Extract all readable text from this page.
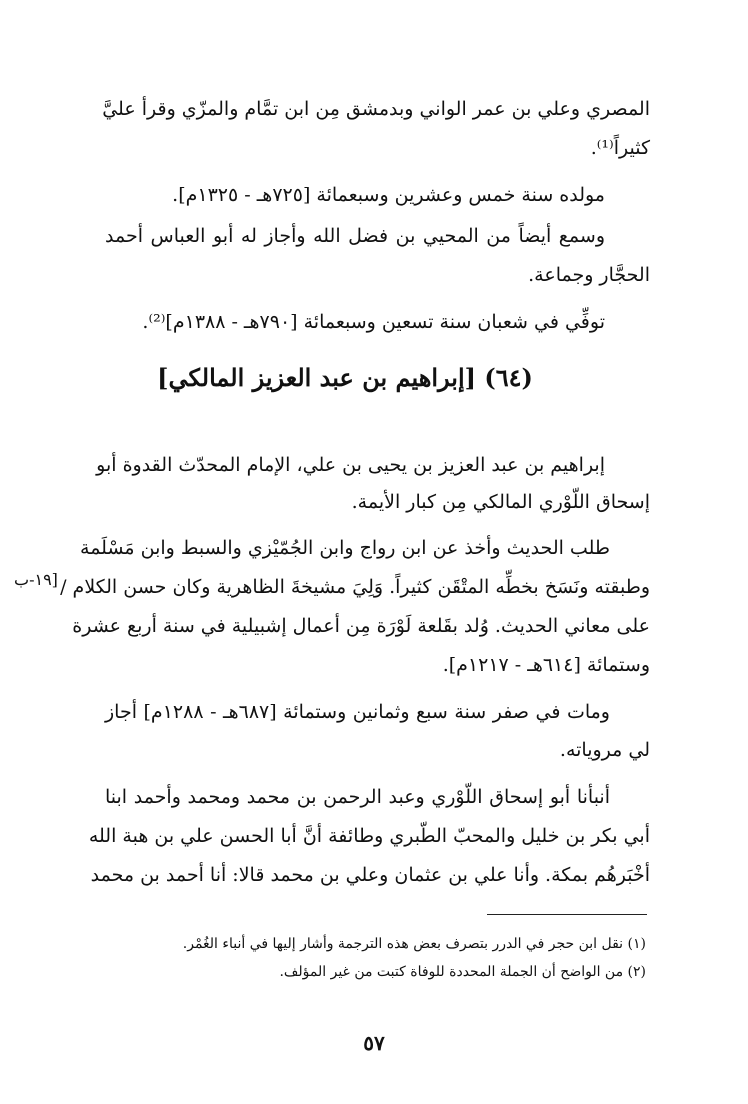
المصري وعلي بن عمر الواني وبدمشق مِن ابن تمَّام والمزّي وقرأ عليَّ
كثيراً⁽¹⁾.
مولده سنة خمس وعشرين وسبعمائة [٧٢٥هـ - ١٣٢٥م].
وسمع أيضاً من المحيي بن فضل الله وأجاز له أبو العباس أحمد
الحجَّار وجماعة.
توفِّي في شعبان سنة تسعين وسبعمائة [٧٩٠هـ - ١٣٨٨م]⁽²⁾.
(٦٤) [إبراهيم بن عبد العزيز المالكي]
إبراهيم بن عبد العزيز بن يحيى بن علي، الإمام المحدّث القدوة أبو
إسحاق اللّوْري المالكي مِن كبار الأيمة.
طلب الحديث وأخذ عن ابن رواج وابن الجُمّيْزي والسبط وابن مَسْلَمة
وطبقته ونَسَخ بخطِّه المتْقَن كثيراً. وَلِيَ مشيخةَ الظاهرية وكان حسن الكلام /
على معاني الحديث. وُلد بقَلعة لَوْرَة مِن أعمال إشبيلية في سنة أربع عشرة
وستمائة [٦١٤هـ - ١٢١٧م].
[١٩-ب
ومات في صفر سنة سبع وثمانين وستمائة [٦٨٧هـ - ١٢٨٨م] أجاز
لي مروياته.
أنبأنا أبو إسحاق اللّوْري وعبد الرحمن بن محمد ومحمد وأحمد ابنا
أبي بكر بن خليل والمحبّ الطّبري وطائفة أنَّ أبا الحسن علي بن هبة الله
أخْبَرهُم بمكة. وأنا علي بن عثمان وعلي بن محمد قالا: أنا أحمد بن محمد
(١) نقل ابن حجر في الدرر بتصرف بعض هذه الترجمة وأشار إليها في أنباء الغُمْر.
(٢) من الواضح أن الجملة المحددة للوفاة كتبت من غير المؤلف.
٥٧
